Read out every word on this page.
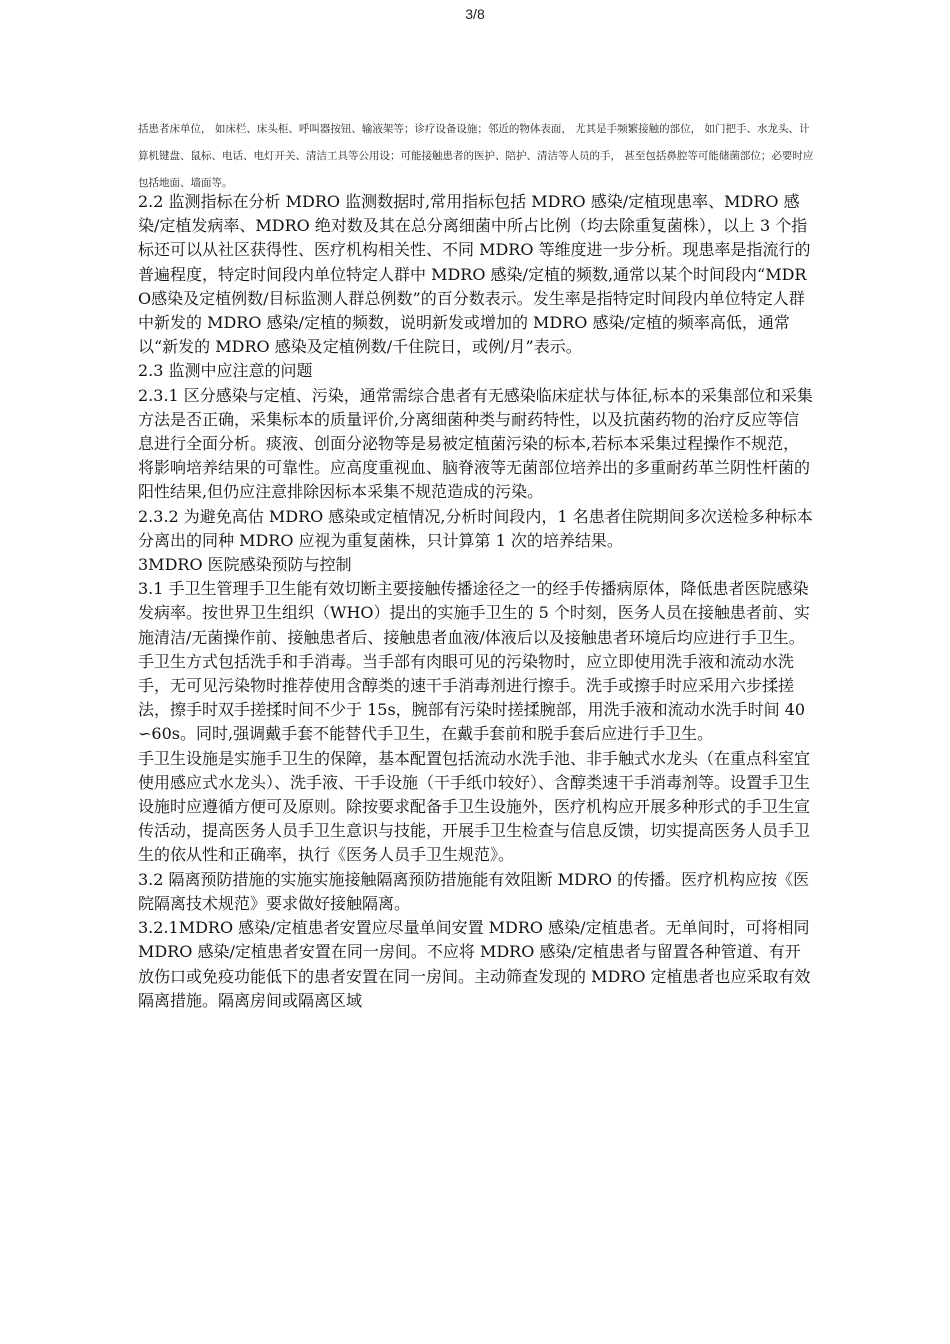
3/8
括患者床单位， 如床栏、床头柜、呼叫器按钮、输液架等；诊疗设备设施；邻近的物体表面， 尤其是手频繁接触的部位， 如门把手、水龙头、计算机键盘、鼠标、电话、电灯开关、清洁工具等公用设；可能接触患者的医护、陪护、清洁等人员的手， 甚至包括鼻腔等可能储菌部位；必要时应包括地面、墙面等。

2.2 监测指标在分析 MDRO 监测数据时,常用指标包括 MDRO 感染/定植现患率、MDRO 感染/定植发病率、MDRO 绝对数及其在总分离细菌中所占比例（均去除重复菌株），以上 3 个指标还可以从社区获得性、医疗机构相关性、不同 MDRO 等维度进一步分析。现患率是指流行的普遍程度，特定时间段内单位特定人群中 MDRO 感染/定植的频数,通常以某个时间段内“MDRO感染及定植例数/目标监测人群总例数”的百分数表示。发生率是指特定时间段内单位特定人群中新发的 MDRO 感染/定植的频数，说明新发或增加的 MDRO 感染/定植的频率高低，通常以“新发的 MDRO 感染及定植例数/千住院日，或例/月”表示。

2.3 监测中应注意的问题

2.3.1 区分感染与定植、污染，通常需综合患者有无感染临床症状与体征,标本的采集部位和采集方法是否正确，采集标本的质量评价,分离细菌种类与耐药特性，以及抗菌药物的治疗反应等信息进行全面分析。痰液、创面分泌物等是易被定植菌污染的标本,若标本采集过程操作不规范，将影响培养结果的可靠性。应高度重视血、脑脊液等无菌部位培养出的多重耐药革兰阴性杆菌的阳性结果,但仍应注意排除因标本采集不规范造成的污染。

2.3.2 为避免高估 MDRO 感染或定植情况,分析时间段内，1 名患者住院期间多次送检多种标本分离出的同种 MDRO 应视为重复菌株，只计算第 1 次的培养结果。

3MDRO 医院感染预防与控制

3.1 手卫生管理手卫生能有效切断主要接触传播途径之一的经手传播病原体，降低患者医院感染发病率。按世界卫生组织（WHO）提出的实施手卫生的 5 个时刻，医务人员在接触患者前、实施清洁/无菌操作前、接触患者后、接触患者血液/体液后以及接触患者环境后均应进行手卫生。手卫生方式包括洗手和手消毒。当手部有肉眼可见的污染物时，应立即使用洗手液和流动水洗手，无可见污染物时推荐使用含醇类的速干手消毒剂进行擦手。洗手或擦手时应采用六步揉搓法，擦手时双手搓揉时间不少于 15s，腕部有污染时搓揉腕部，用洗手液和流动水洗手时间 40∽60s。同时,强调戴手套不能替代手卫生，在戴手套前和脱手套后应进行手卫生。

手卫生设施是实施手卫生的保障，基本配置包括流动水洗手池、非手触式水龙头（在重点科室宜使用感应式水龙头）、洗手液、干手设施（干手纸巾较好）、含醇类速干手消毒剂等。设置手卫生设施时应遵循方便可及原则。除按要求配备手卫生设施外，医疗机构应开展多种形式的手卫生宣传活动，提高医务人员手卫生意识与技能，开展手卫生检查与信息反馈，切实提高医务人员手卫生的依从性和正确率，执行《医务人员手卫生规范》。

3.2 隔离预防措施的实施实施接触隔离预防措施能有效阻断 MDRO 的传播。医疗机构应按《医院隔离技术规范》要求做好接触隔离。

3.2.1MDRO 感染/定植患者安置应尽量单间安置 MDRO 感染/定植患者。无单间时，可将相同 MDRO 感染/定植患者安置在同一房间。不应将 MDRO 感染/定植患者与留置各种管道、有开放伤口或免疫功能低下的患者安置在同一房间。主动筛查发现的 MDRO 定植患者也应采取有效隔离措施。隔离房间或隔离区域
